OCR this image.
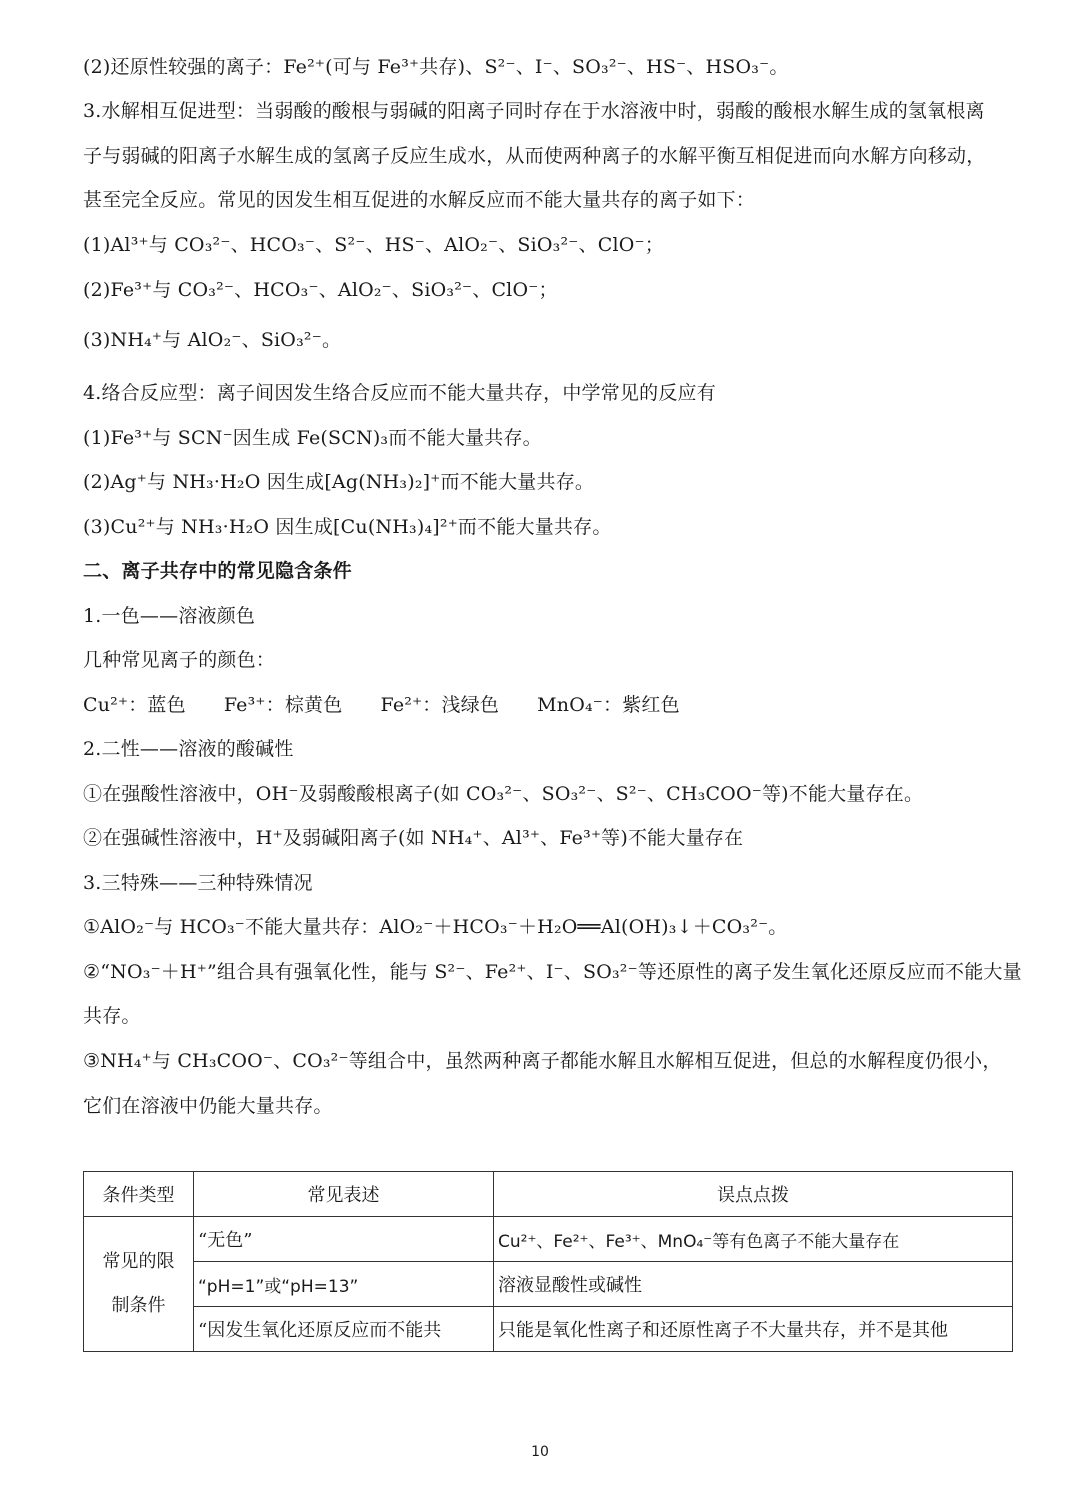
(2)还原性较强的离子：Fe²⁺(可与 Fe³⁺共存)、S²⁻、I⁻、SO₃²⁻、HS⁻、HSO₃⁻。
3.水解相互促进型：当弱酸的酸根与弱碱的阳离子同时存在于水溶液中时，弱酸的酸根水解生成的氢氧根离
子与弱碱的阳离子水解生成的氢离子反应生成水，从而使两种离子的水解平衡互相促进而向水解方向移动，
甚至完全反应。常见的因发生相互促进的水解反应而不能大量共存的离子如下：
(1)Al³⁺与 CO₃²⁻、HCO₃⁻、S²⁻、HS⁻、AlO₂⁻、SiO₃²⁻、ClO⁻；
(2)Fe³⁺与 CO₃²⁻、HCO₃⁻、AlO₂⁻、SiO₃²⁻、ClO⁻；
(3)NH₄⁺与 AlO₂⁻、SiO₃²⁻。
4.络合反应型：离子间因发生络合反应而不能大量共存，中学常见的反应有
(1)Fe³⁺与 SCN⁻因生成 Fe(SCN)₃而不能大量共存。
(2)Ag⁺与 NH₃·H₂O 因生成[Ag(NH₃)₂]⁺而不能大量共存。
(3)Cu²⁺与 NH₃·H₂O 因生成[Cu(NH₃)₄]²⁺而不能大量共存。
二、离子共存中的常见隐含条件
1.一色——溶液颜色
几种常见离子的颜色：
Cu²⁺：蓝色 Fe³⁺：棕黄色 Fe²⁺：浅绿色 MnO₄⁻：紫红色
2.二性——溶液的酸碱性
①在强酸性溶液中，OH⁻及弱酸酸根离子(如 CO₃²⁻、SO₃²⁻、S²⁻、CH₃COO⁻等)不能大量存在。
②在强碱性溶液中，H⁺及弱碱阳离子(如 NH₄⁺、Al³⁺、Fe³⁺等)不能大量存在
3.三特殊——三种特殊情况
①AlO₂⁻与 HCO₃⁻不能大量共存：AlO₂⁻＋HCO₃⁻＋H₂O══Al(OH)₃↓＋CO₃²⁻。
②“NO₃⁻＋H⁺”组合具有强氧化性，能与 S²⁻、Fe²⁺、I⁻、SO₃²⁻等还原性的离子发生氧化还原反应而不能大量
共存。
③NH₄⁺与 CH₃COO⁻、CO₃²⁻等组合中，虽然两种离子都能水解且水解相互促进，但总的水解程度仍很小，
它们在溶液中仍能大量共存。
条件类型	常见表述	误点点拨
常见的限制条件	“无色”	Cu²⁺、Fe²⁺、Fe³⁺、MnO₄⁻等有色离子不能大量存在
	“pH=1”或“pH=13”	溶液显酸性或碱性
	“因发生氧化还原反应而不能共	只能是氧化性离子和还原性离子不大量共存，并不是其他
10
